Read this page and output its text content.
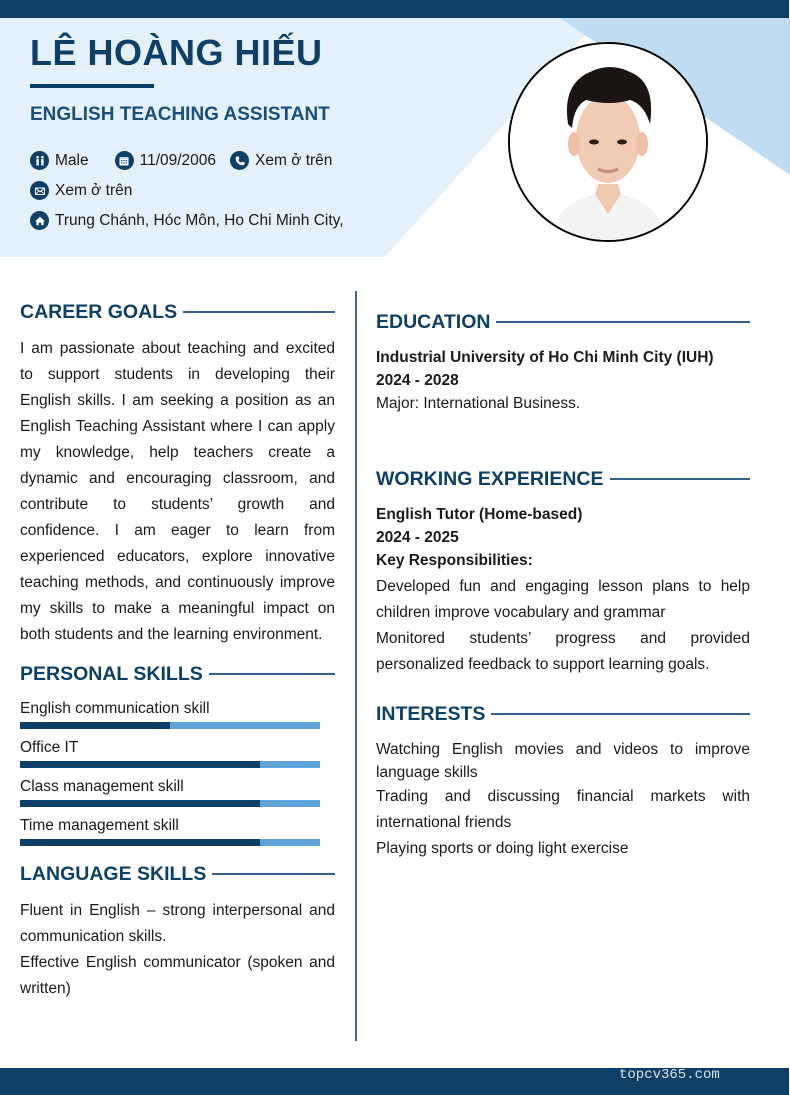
LÊ HOÀNG HIẾU
ENGLISH TEACHING ASSISTANT
Male	11/09/2006	Xem ở trên
Xem ở trên
Trung Chánh, Hóc Môn, Ho Chi Minh City,
CAREER GOALS

I am passionate about teaching and excited to support students in developing their English skills. I am seeking a position as an English Teaching Assistant where I can apply my knowledge, help teachers create a dynamic and encouraging classroom, and contribute to students’ growth and confidence. I am eager to learn from experienced educators, explore innovative teaching methods, and continuously improve my skills to make a meaningful impact on both students and the learning environment.

PERSONAL SKILLS
English communication skill
Office IT
Class management skill
Time management skill
LANGUAGE SKILLS

Fluent in English – strong interpersonal and communication skills.

Effective English communicator (spoken and written)

EDUCATION
Industrial University of Ho Chi Minh City (IUH)
2024 - 2028
Major: International Business.
WORKING EXPERIENCE
English Tutor (Home-based)
2024 - 2025
Key Responsibilities:

Developed fun and engaging lesson plans to help children improve vocabulary and grammar

Monitored students’ progress and provided personalized feedback to support learning goals.

INTERESTS

Watching English movies and videos to improve language skills

Trading and discussing financial markets with international friends

Playing sports or doing light exercise

topcv365.com
